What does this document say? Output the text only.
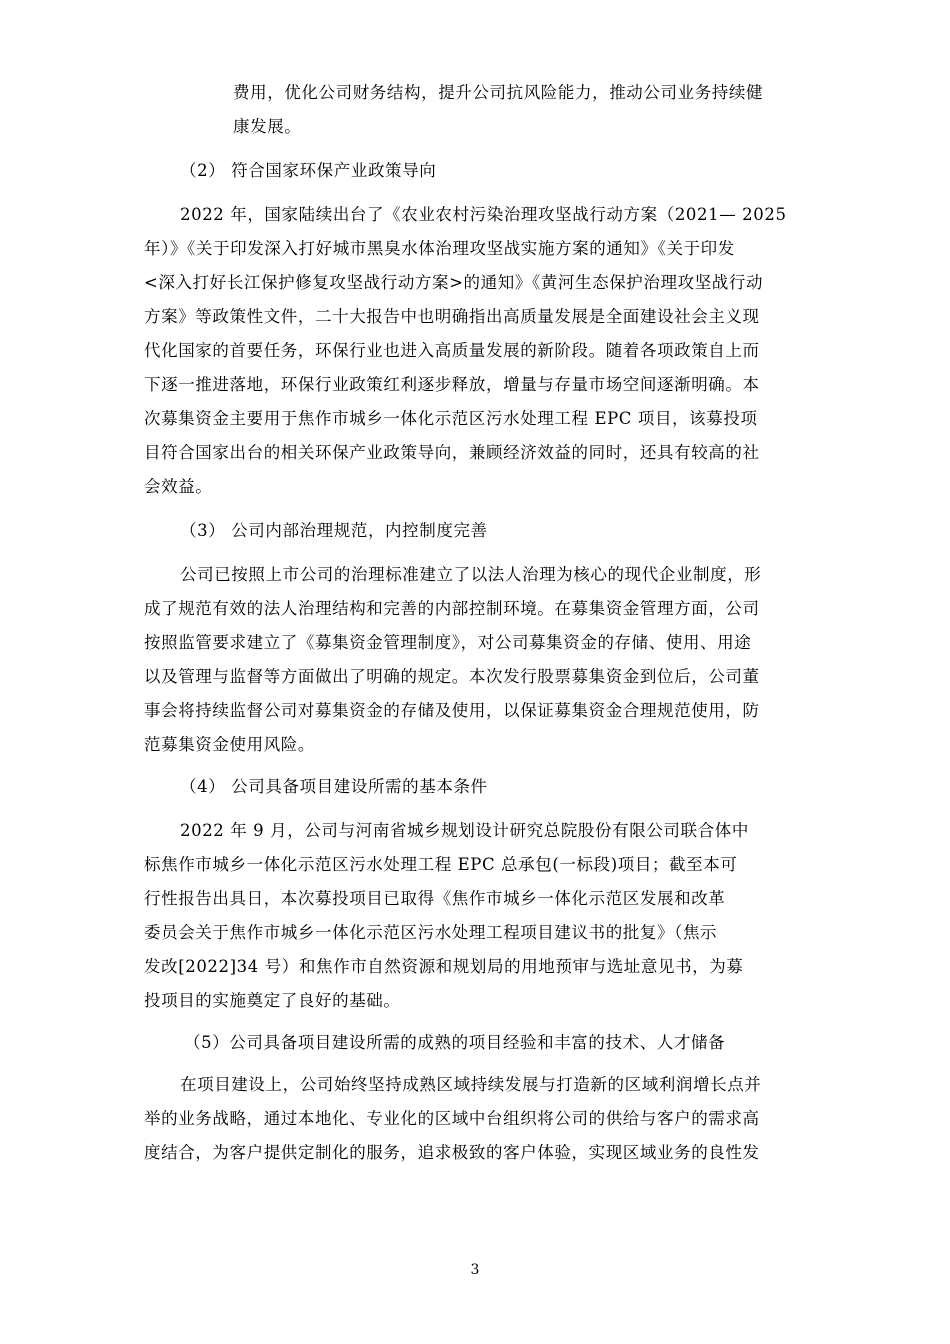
费用，优化公司财务结构，提升公司抗风险能力，推动公司业务持续健
康发展。
（2） 符合国家环保产业政策导向
2022 年，国家陆续出台了《农业农村污染治理攻坚战行动方案（2021— 2025
年）》《关于印发深入打好城市黑臭水体治理攻坚战实施方案的通知》《关于印发
<深入打好长江保护修复攻坚战行动方案>的通知》《黄河生态保护治理攻坚战行动
方案》等政策性文件，二十大报告中也明确指出高质量发展是全面建设社会主义现
代化国家的首要任务，环保行业也进入高质量发展的新阶段。随着各项政策自上而
下逐一推进落地，环保行业政策红利逐步释放，增量与存量市场空间逐渐明确。本
次募集资金主要用于焦作市城乡一体化示范区污水处理工程 EPC 项目，该募投项
目符合国家出台的相关环保产业政策导向，兼顾经济效益的同时，还具有较高的社
会效益。
（3） 公司内部治理规范，内控制度完善
公司已按照上市公司的治理标准建立了以法人治理为核心的现代企业制度，形
成了规范有效的法人治理结构和完善的内部控制环境。在募集资金管理方面，公司
按照监管要求建立了《募集资金管理制度》，对公司募集资金的存储、使用、用途
以及管理与监督等方面做出了明确的规定。本次发行股票募集资金到位后，公司董
事会将持续监督公司对募集资金的存储及使用，以保证募集资金合理规范使用，防
范募集资金使用风险。
（4） 公司具备项目建设所需的基本条件
2022 年 9 月，公司与河南省城乡规划设计研究总院股份有限公司联合体中
标焦作市城乡一体化示范区污水处理工程 EPC 总承包(一标段)项目；截至本可
行性报告出具日，本次募投项目已取得《焦作市城乡一体化示范区发展和改革
委员会关于焦作市城乡一体化示范区污水处理工程项目建议书的批复》（焦示
发改[2022]34 号）和焦作市自然资源和规划局的用地预审与选址意见书，为募
投项目的实施奠定了良好的基础。
（5）公司具备项目建设所需的成熟的项目经验和丰富的技术、人才储备
在项目建设上，公司始终坚持成熟区域持续发展与打造新的区域利润增长点并
举的业务战略，通过本地化、专业化的区域中台组织将公司的供给与客户的需求高
度结合，为客户提供定制化的服务，追求极致的客户体验，实现区域业务的良性发
3
